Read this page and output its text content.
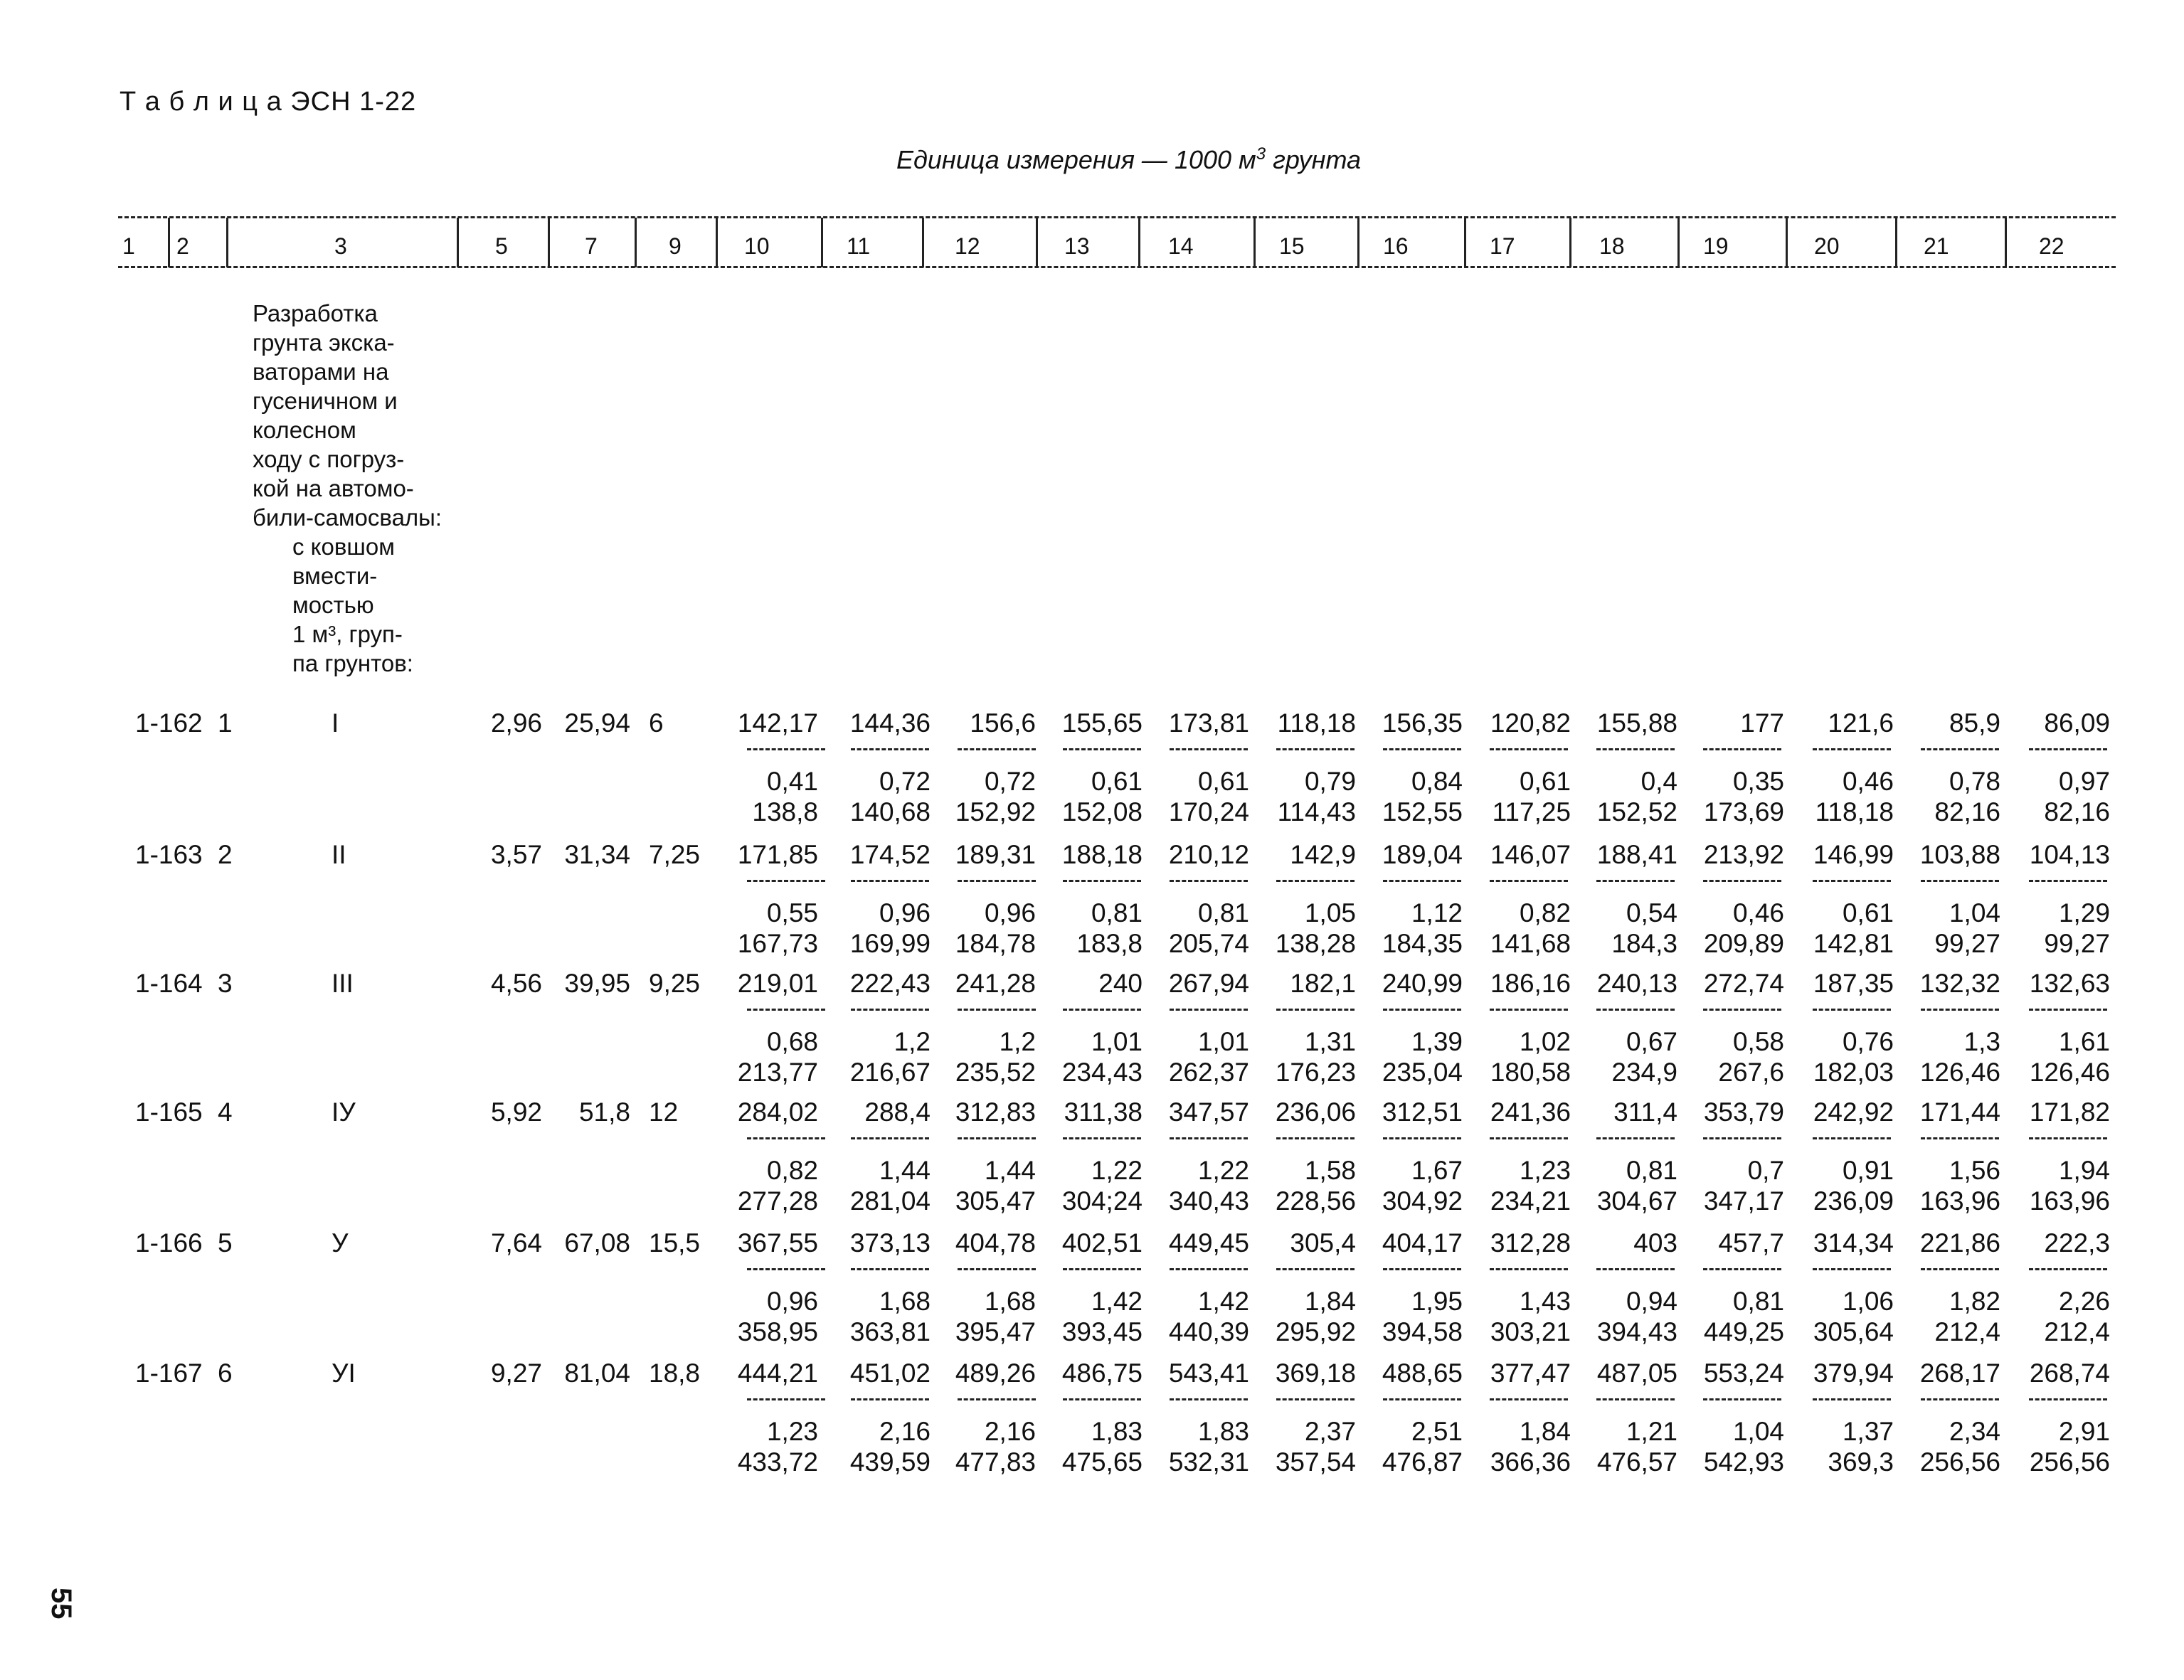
Т а б л и ц а ЭСН 1-22
Единица измерения — 1000 $м^3$ грунта
1 2	3	5	7	9	10	11	12	13	14	15	16	17	18	19	20	21	22
Разработка
грунта экска-
ваторами на
гусеничном и
колесном
ходу с погруз-
кой на автомо-
били-самосвалы:
с ковшом
вмести-
мостью
1 м³, груп-
па грунтов:
1-162 1	I	2,96 25,94 6	142,17 144,36 156,6 155,65 173,81 118,18 156,35 120,82 155,88 177 121,6 85,9 86,09
0,41 0,72 0,72 0,61 0,61 0,79 0,84 0,61	0,4 0,35 0,46 0,78 0,97
138,8 140,68 152,92 152,08 170,24 114,43 152,55 117,25 152,52 173,69 118,18 82,16 82,16
1-163 2	II	3,57 31,34 7,25 171,85 174,52 189,31 188,18 210,12 142,9 189,04 146,07 188,41 213,92 146,99 103,88 104,13
0,55 0,96 0,96 0,81 0,81 1,05 1,12 0,82 0,54 0,46 0,61 1,04 1,29
167,73 169,99 184,78 183,8 205,74 138,28 184,35 141,68 184,3 209,89 142,81 99,27 99,27
1-164 3	III	4,56 39,95 9,25 219,01 222,43 241,28 240 267,94 182,1 240,99 186,16 240,13 272,74 187,35 132,32 132,63
0,68	1,2	1,2 1,01 1,01 1,31 1,39 1,02 0,67 0,58 0,76	1,3 1,61
213,77 216,67 235,52 234,43 262,37 176,23 235,04 180,58 234,9 267,6 182,03 126,46 126,46
1-165 4	IУ	5,92 51,8 12 284,02 288,4 312,83 311,38 347,57 236,06 312,51 241,36 311,4 353,79 242,92 171,44 171,82
0,82 1,44 1,44 1,22 1,22 1,58 1,67 1,23 0,81	0,7 0,91 1,56 1,94
277,28 281,04 305,47 304;24 340,43 228,56 304,92 234,21 304,67 347,17 236,09 163,96 163,96
1-166 5	У	7,64 67,08 15,5 367,55 373,13 404,78 402,51 449,45 305,4 404,17 312,28 403 457,7 314,34 221,86 222,3
0,96 1,68 1,68 1,42 1,42 1,84 1,95 1,43 0,94 0,81 1,06 1,82 2,26
358,95 363,81 395,47 393,45 440,39 295,92 394,58 303,21 394,43 449,25 305,64 212,4 212,4
1-167 6	УI	9,27 81,04 18,8 444,21 451,02 489,26 486,75 543,41 369,18 488,65 377,47 487,05 553,24 379,94 268,17 268,74
1,23 2,16 2,16 1,83 1,83 2,37 2,51 1,84 1,21 1,04 1,37 2,34 2,91
433,72 439,59 477,83 475,65 532,31 357,54 476,87 366,36 476,57 542,93 369,3 256,56 256,56
55
